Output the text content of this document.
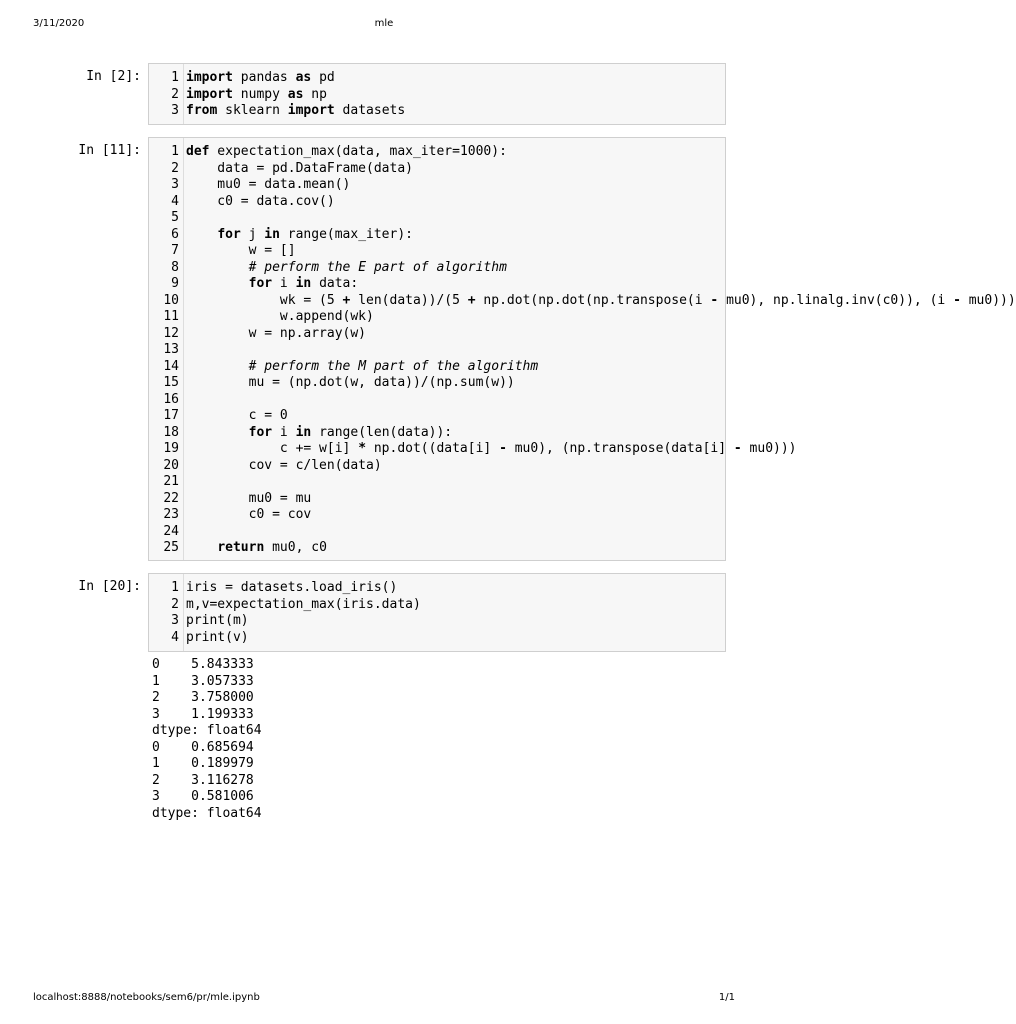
3/11/2020	mle
In [2]:	1 import pandas as pd
2 import numpy as np
3 from sklearn import datasets
In [11]:	1 def expectation_max(data, max_iter=1000):
2 data = pd.DataFrame(data)
3 mu0 = data.mean()
4 c0 = data.cov()
5
6	for j in range(max_iter):
7 w = []
8	# perform the E part of algorithm
9	for i in data:
10 wk = (5 + len(data))/(5 + np.dot(np.dot(np.transpose(i - mu0), np.linalg.inv(c0)), (i - mu0)))
11 w.append(wk)
12 w = np.array(w)
13
14	# perform the M part of the algorithm
15 mu = (np.dot(w, data))/(np.sum(w))
16
17 c = 0
18	for i in range(len(data)):
19 c += w[i] * np.dot((data[i] - mu0), (np.transpose(data[i] - mu0)))
20 cov = c/len(data)
21
22 mu0 = mu
23 c0 = cov
24
25	return mu0, c0
In [20]:	1 iris = datasets.load_iris()
2 m,v=expectation_max(iris.data)
3 print(m)
4 print(v)
0    5.843333
1    3.057333
2    3.758000
3    1.199333
dtype: float64
0    0.685694
1    0.189979
2    3.116278
3    0.581006
dtype: float64
localhost:8888/notebooks/sem6/pr/mle.ipynb	1/1
